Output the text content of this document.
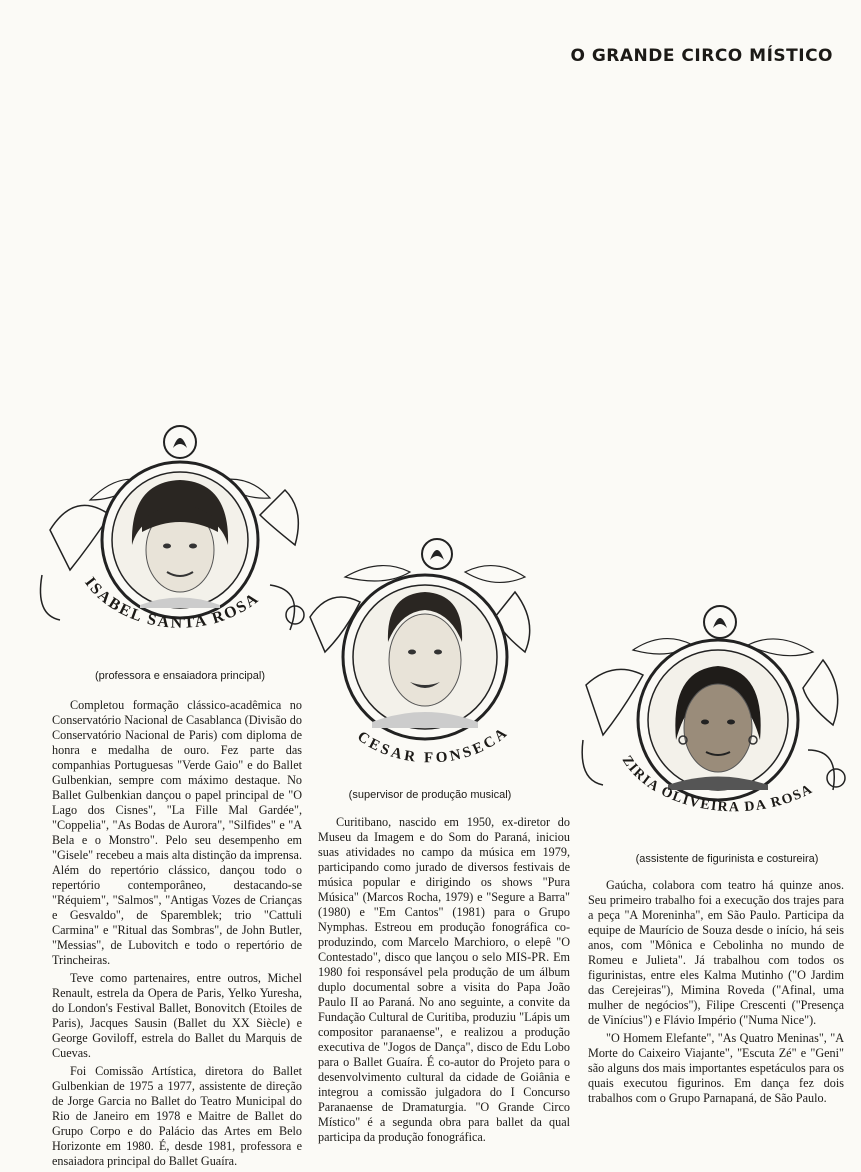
O GRANDE CIRCO MÍSTICO
ISABEL SANTA ROSA
(professora e ensaiadora principal)
CESAR FONSECA
(supervisor de produção musical)
ZIRIA OLIVEIRA DA ROSA
(assistente de figurinista e costureira)

Completou formação clássico-acadêmica no Conservatório Nacional de Casablanca (Divisão do Conservatório Nacional de Paris) com diploma de honra e medalha de ouro. Fez parte das companhias Portuguesas "Verde Gaio" e do Ballet Gulbenkian, sempre com máximo destaque. No Ballet Gulbenkian dançou o papel principal de "O Lago dos Cisnes", "La Fille Mal Gardée", "Coppelia", "As Bodas de Aurora", "Silfides" e "A Bela e o Monstro". Pelo seu desempenho em "Gisele" recebeu a mais alta distinção da imprensa. Além do repertório clássico, dançou todo o repertório contemporâneo, destacando-se "Réquiem", "Salmos", "Antigas Vozes de Crianças e Gesvaldo", de Sparemblek; trio "Cattuli Carmina" e "Ritual das Sombras", de John Butler, "Messias", de Lubovitch e todo o repertório de Trincheiras.

Teve como partenaires, entre outros, Michel Renault, estrela da Opera de Paris, Yelko Yuresha, do London's Festival Ballet, Bonovitch (Etoiles de Paris), Jacques Sausin (Ballet du XX Siècle) e George Goviloff, estrela do Ballet du Marquis de Cuevas.

Foi Comissão Artística, diretora do Ballet Gulbenkian de 1975 a 1977, assistente de direção de Jorge Garcia no Ballet do Teatro Municipal do Rio de Janeiro em 1978 e Maitre de Ballet do Grupo Corpo e do Palácio das Artes em Belo Horizonte em 1980. É, desde 1981, professora e ensaiadora principal do Ballet Guaíra.

Curitibano, nascido em 1950, ex-diretor do Museu da Imagem e do Som do Paraná, iniciou suas atividades no campo da música em 1979, participando como jurado de diversos festivais de música popular e dirigindo os shows "Pura Música" (Marcos Rocha, 1979) e "Segure a Barra" (1980) e "Em Cantos" (1981) para o Grupo Nymphas. Estreou em produção fonográfica co-produzindo, com Marcelo Marchioro, o elepê "O Contestado", disco que lançou o selo MIS-PR. Em 1980 foi responsável pela produção de um álbum duplo documental sobre a visita do Papa João Paulo II ao Paraná. No ano seguinte, a convite da Fundação Cultural de Curitiba, produziu "Lápis um compositor paranaense", e realizou a produção executiva de "Jogos de Dança", disco de Edu Lobo para o Ballet Guaíra. É co-autor do Projeto para o desenvolvimento cultural da cidade de Goiânia e integrou a comissão julgadora do I Concurso Paranaense de Dramaturgia. "O Grande Circo Místico" é a segunda obra para ballet da qual participa da produção fonográfica.

Gaúcha, colabora com teatro há quinze anos. Seu primeiro trabalho foi a execução dos trajes para a peça "A Moreninha", em São Paulo. Participa da equipe de Maurício de Souza desde o início, há seis anos, com "Mônica e Cebolinha no mundo de Romeu e Julieta". Já trabalhou com todos os figurinistas, entre eles Kalma Mutinho ("O Jardim das Cerejeiras"), Mimina Roveda ("Afinal, uma mulher de negócios"), Filipe Crescenti ("Presença de Vinícius") e Flávio Império ("Numa Nice").

"O Homem Elefante", "As Quatro Meninas", "A Morte do Caixeiro Viajante", "Escuta Zé" e "Geni" são alguns dos mais importantes espetáculos para os quais executou figurinos. Em dança fez dois trabalhos com o Grupo Parnapaná, de São Paulo.
